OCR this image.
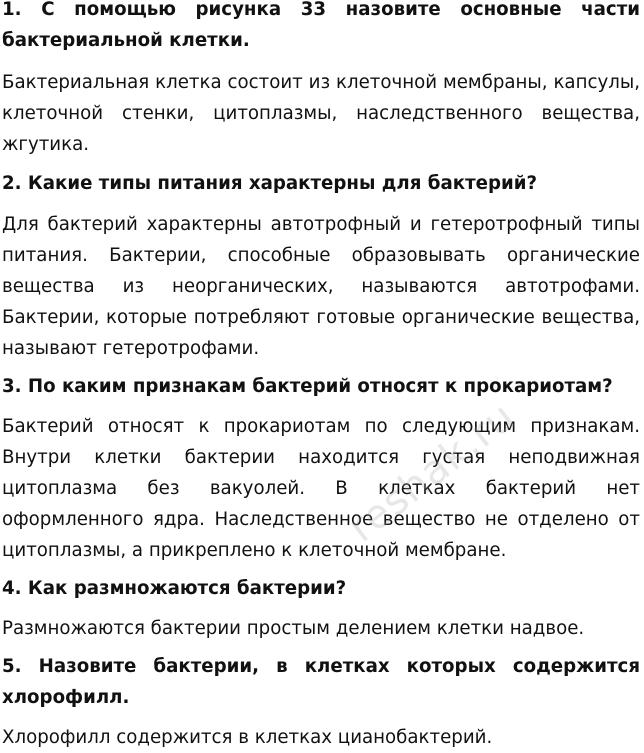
1. С помощью рисунка 33 назовите основные части бактериальной клетки.

Бактериальная клетка состоит из клеточной мембраны, капсулы, клеточной стенки, цитоплазмы, наследственного вещества, жгутика.

2. Какие типы питания характерны для бактерий?

Для бактерий характерны автотрофный и гетеротрофный типы питания. Бактерии, способные образовывать органические вещества из неорганических, называются автотрофами. Бактерии, которые потребляют готовые органические вещества, называют гетеротрофами.

3. По каким признакам бактерий относят к прокариотам?

Бактерий относят к прокариотам по следующим признакам. Внутри клетки бактерии находится густая неподвижная цитоплазма без вакуолей. В клетках бактерий нет оформленного ядра. Наследственное вещество не отделено от цитоплазмы, а прикреплено к клеточной мембране.

4. Как размножаются бактерии?

Размножаются бактерии простым делением клетки надвое.

5. Назовите бактерии, в клетках которых содержится хлорофилл.

Хлорофилл содержится в клетках цианобактерий.

reshak.ru
